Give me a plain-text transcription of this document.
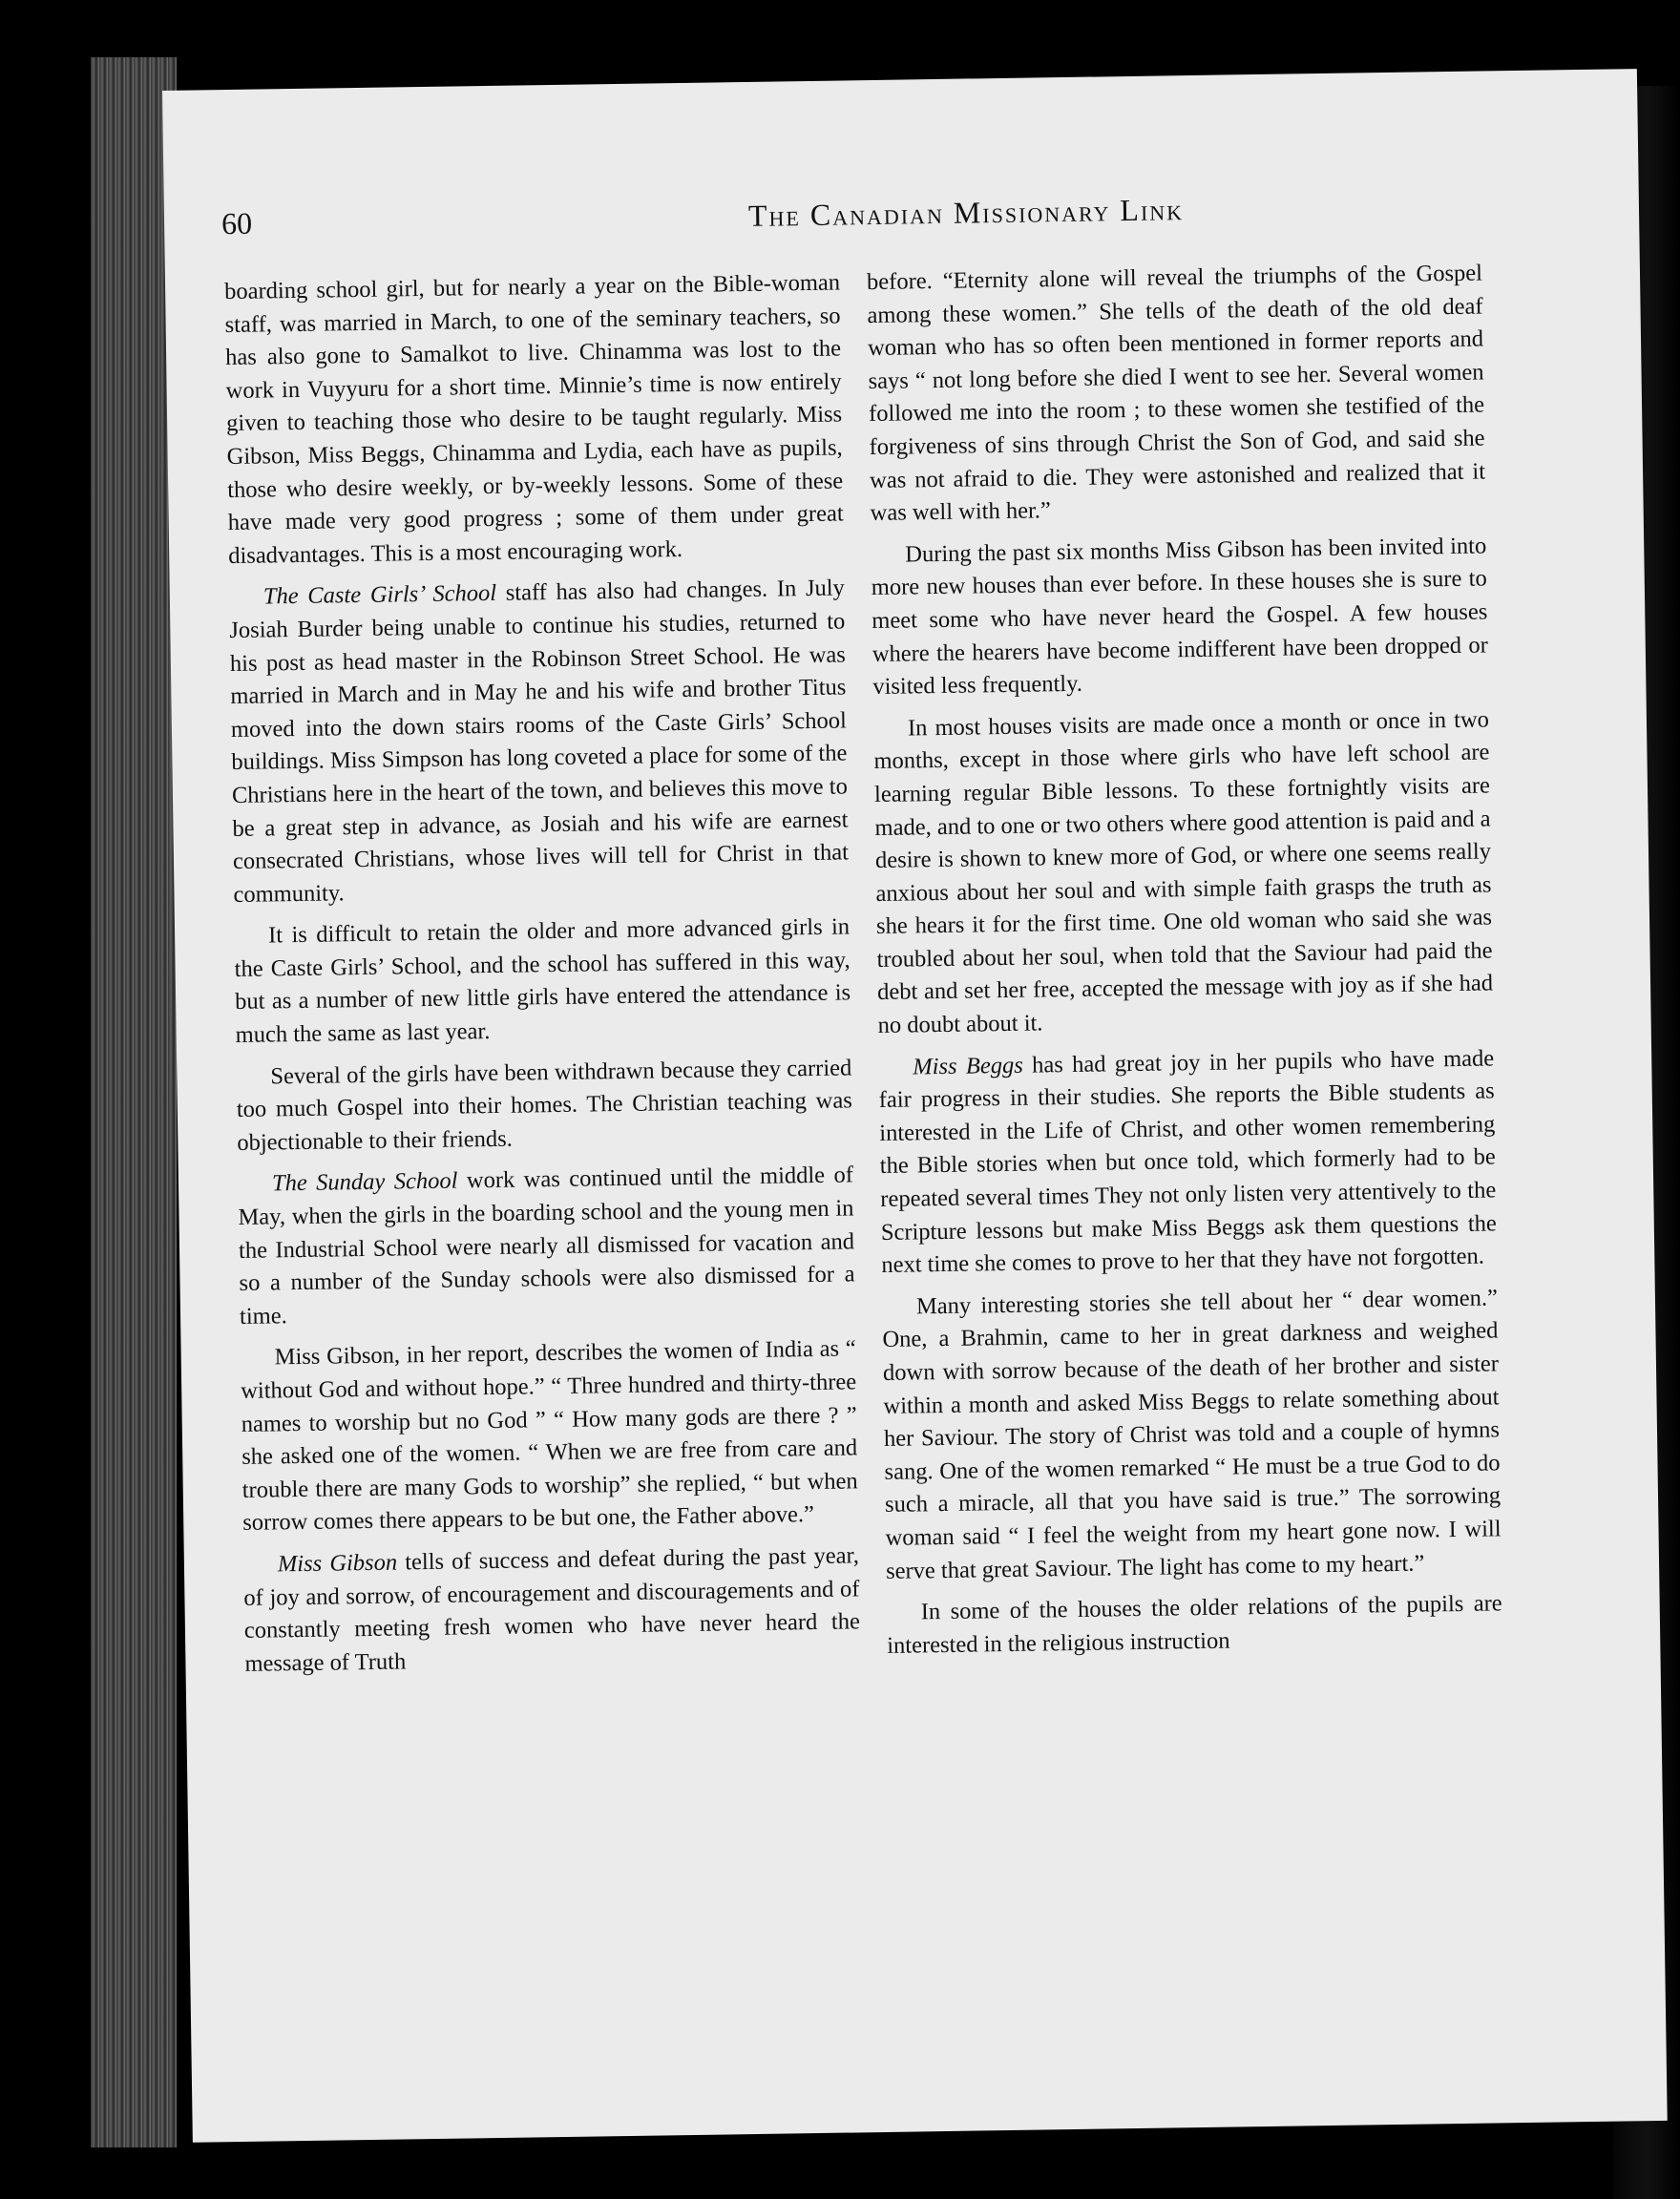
60	The Canadian Missionary Link

boarding school girl, but for nearly a year on the Bible-woman staff, was married in March, to one of the seminary teachers, so has also gone to Samalkot to live. Chinamma was lost to the work in Vuyyuru for a short time. Minnie’s time is now entirely given to teaching those who desire to be taught regularly. Miss Gibson, Miss Beggs, Chinamma and Lydia, each have as pupils, those who desire weekly, or by-weekly lessons. Some of these have made very good progress ; some of them under great disadvantages. This is a most encouraging work.

The Caste Girls’ School staff has also had changes. In July Josiah Burder being unable to continue his studies, returned to his post as head master in the Robinson Street School. He was married in March and in May he and his wife and brother Titus moved into the down stairs rooms of the Caste Girls’ School buildings. Miss Simpson has long coveted a place for some of the Christians here in the heart of the town, and believes this move to be a great step in advance, as Josiah and his wife are earnest consecrated Christians, whose lives will tell for Christ in that community.

It is difficult to retain the older and more advanced girls in the Caste Girls’ School, and the school has suffered in this way, but as a number of new little girls have entered the attendance is much the same as last year.

Several of the girls have been withdrawn because they carried too much Gospel into their homes. The Christian teaching was objectionable to their friends.

The Sunday School work was continued until the middle of May, when the girls in the boarding school and the young men in the Industrial School were nearly all dismissed for vacation and so a number of the Sunday schools were also dismissed for a time.

Miss Gibson, in her report, describes the women of India as “ without God and without hope.” “ Three hundred and thirty-three names to worship but no God ” “ How many gods are there ? ” she asked one of the women. “ When we are free from care and trouble there are many Gods to worship” she replied, “ but when sorrow comes there appears to be but one, the Father above.”

Miss Gibson tells of success and defeat during the past year, of joy and sorrow, of encouragement and discouragements and of constantly meeting fresh women who have never heard the message of Truth

before. “Eternity alone will reveal the triumphs of the Gospel among these women.” She tells of the death of the old deaf woman who has so often been mentioned in former reports and says “ not long before she died I went to see her. Several women followed me into the room ; to these women she testified of the forgiveness of sins through Christ the Son of God, and said she was not afraid to die. They were astonished and realized that it was well with her.”

During the past six months Miss Gibson has been invited into more new houses than ever before. In these houses she is sure to meet some who have never heard the Gospel. A few houses where the hearers have become indifferent have been dropped or visited less frequently.

In most houses visits are made once a month or once in two months, except in those where girls who have left school are learning regular Bible lessons. To these fortnightly visits are made, and to one or two others where good attention is paid and a desire is shown to knew more of God, or where one seems really anxious about her soul and with simple faith grasps the truth as she hears it for the first time. One old woman who said she was troubled about her soul, when told that the Saviour had paid the debt and set her free, accepted the message with joy as if she had no doubt about it.

Miss Beggs has had great joy in her pupils who have made fair progress in their studies. She reports the Bible students as interested in the Life of Christ, and other women remembering the Bible stories when but once told, which formerly had to be repeated several times They not only listen very attentively to the Scripture lessons but make Miss Beggs ask them questions the next time she comes to prove to her that they have not forgotten.

Many interesting stories she tell about her “ dear women.” One, a Brahmin, came to her in great darkness and weighed down with sorrow because of the death of her brother and sister within a month and asked Miss Beggs to relate something about her Saviour. The story of Christ was told and a couple of hymns sang. One of the women remarked “ He must be a true God to do such a miracle, all that you have said is true.” The sorrowing woman said “ I feel the weight from my heart gone now. I will serve that great Saviour. The light has come to my heart.”

In some of the houses the older relations of the pupils are interested in the religious instruction
